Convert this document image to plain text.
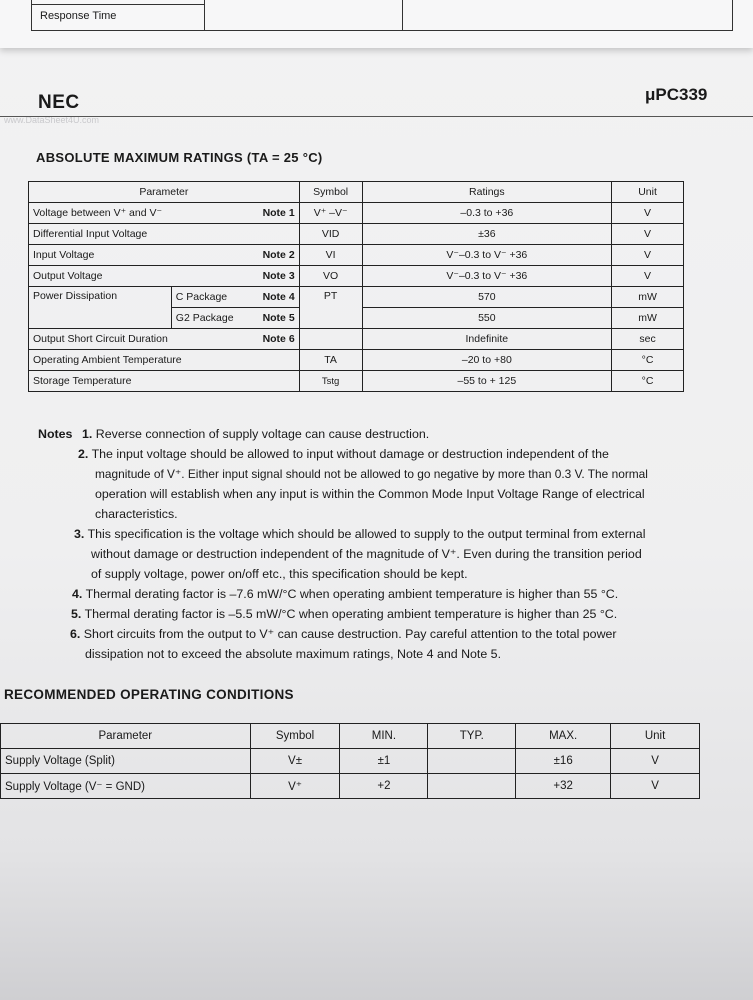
Response Time
NEC
www.DataSheet4U.com
μPC339
ABSOLUTE MAXIMUM RATINGS (TA = 25 °C)
Parameter			Symbol	Ratings	Unit
Voltage between V⁺ and V⁻		Note 1	V⁺ –V⁻	–0.3 to +36	V
Differential Input Voltage			VID	±36	V
Input Voltage		Note 2	VI	V⁻–0.3 to V⁻ +36	V
Output Voltage		Note 3	VO	V⁻–0.3 to V⁻ +36	V
Power Dissipation	C Package	Note 4	PT	570	mW
	G2 Package	Note 5		550	mW
Output Short Circuit Duration		Note 6		Indefinite	sec
Operating Ambient Temperature			TA	–20 to +80	°C
Storage Temperature			Tstg	–55 to + 125	°C
Notes 1. Reverse connection of supply voltage can cause destruction.
2. The input voltage should be allowed to input without damage or destruction independent of the
magnitude of V⁺. Either input signal should not be allowed to go negative by more than 0.3 V. The normal
operation will establish when any input is within the Common Mode Input Voltage Range of electrical
characteristics.
3. This specification is the voltage which should be allowed to supply to the output terminal from external
without damage or destruction independent of the magnitude of V⁺. Even during the transition period
of supply voltage, power on/off etc., this specification should be kept.
4. Thermal derating factor is –7.6 mW/°C when operating ambient temperature is higher than 55 °C.
5. Thermal derating factor is –5.5 mW/°C when operating ambient temperature is higher than 25 °C.
6. Short circuits from the output to V⁺ can cause destruction. Pay careful attention to the total power
dissipation not to exceed the absolute maximum ratings, Note 4 and Note 5.
RECOMMENDED OPERATING CONDITIONS
Parameter	Symbol	MIN.	TYP.	MAX.	Unit
Supply Voltage (Split)	V±	±1		±16	V
Supply Voltage (V⁻ = GND)	V⁺	+2		+32	V
